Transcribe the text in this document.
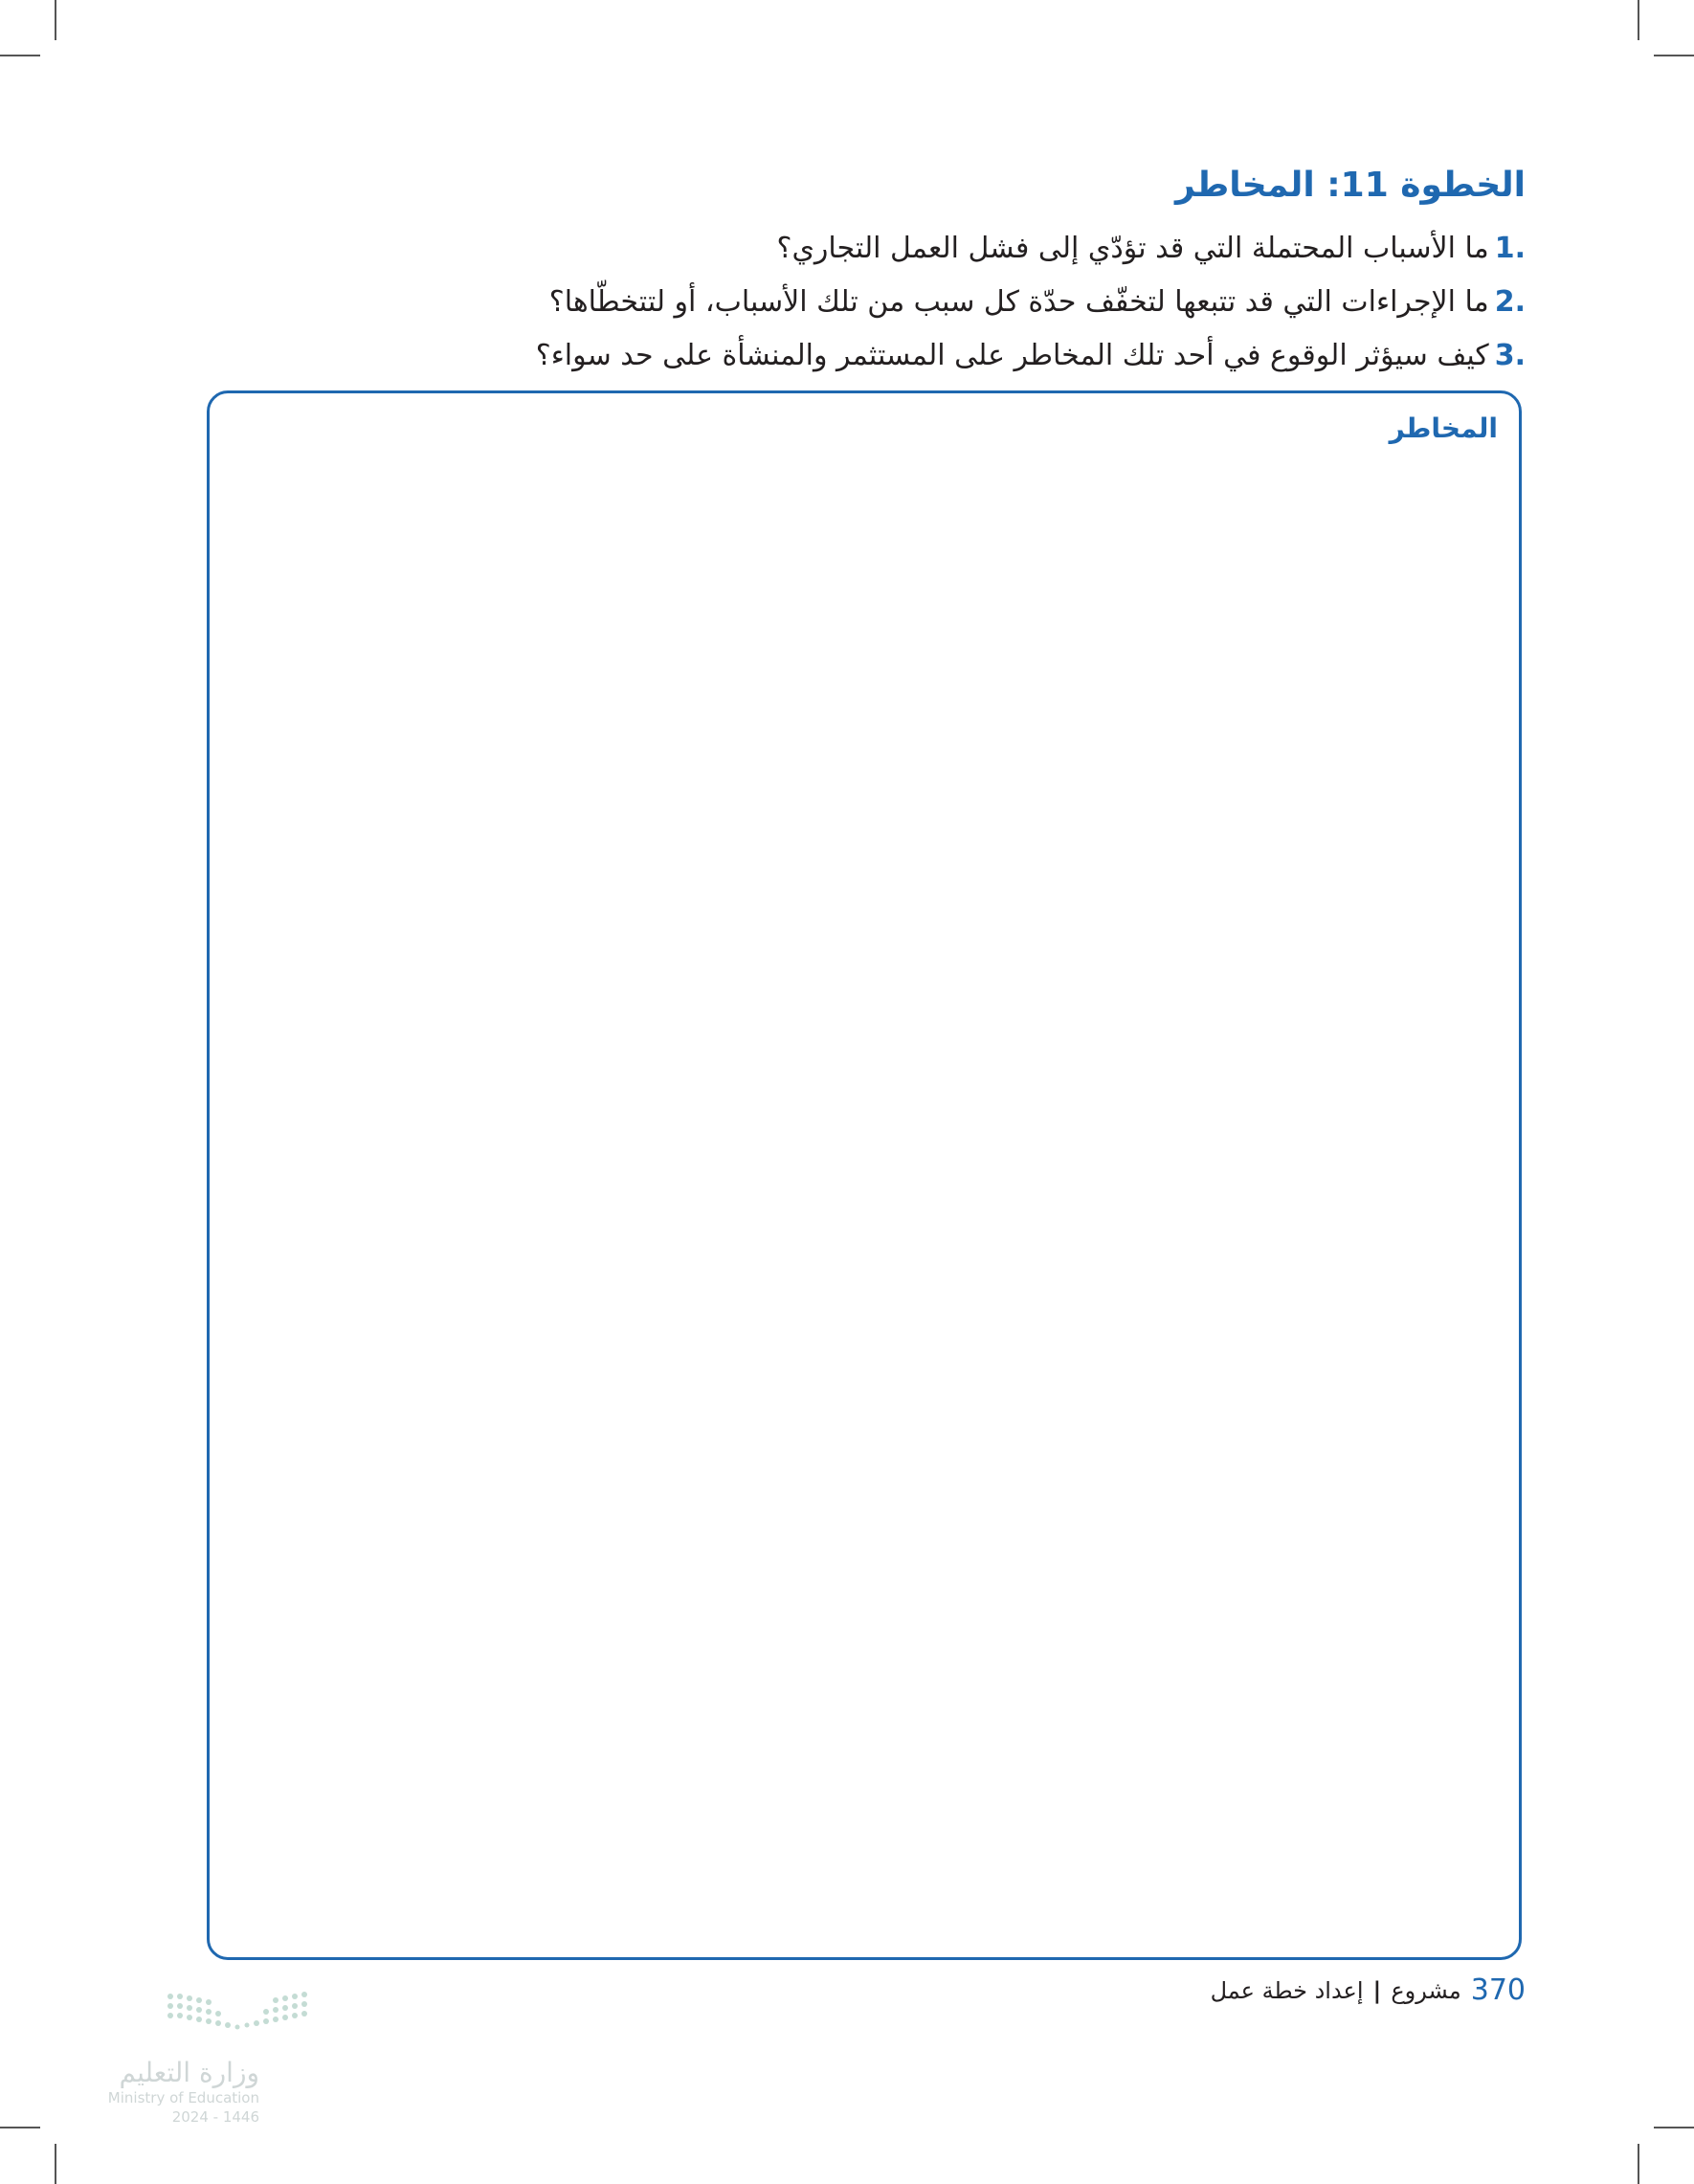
الخطوة 11: المخاطر
.1ما الأسباب المحتملة التي قد تؤدّي إلى فشل العمل التجاري؟
.2ما الإجراءات التي قد تتبعها لتخفّف حدّة كل سبب من تلك الأسباب، أو لتتخطّاها؟
.3كيف سيؤثر الوقوع في أحد تلك المخاطر على المستثمر والمنشأة على حد سواء؟
المخاطر
370
مشروع
|
إعداد خطة عمل
وزارة التعليم
Ministry of Education
2024 - 1446
